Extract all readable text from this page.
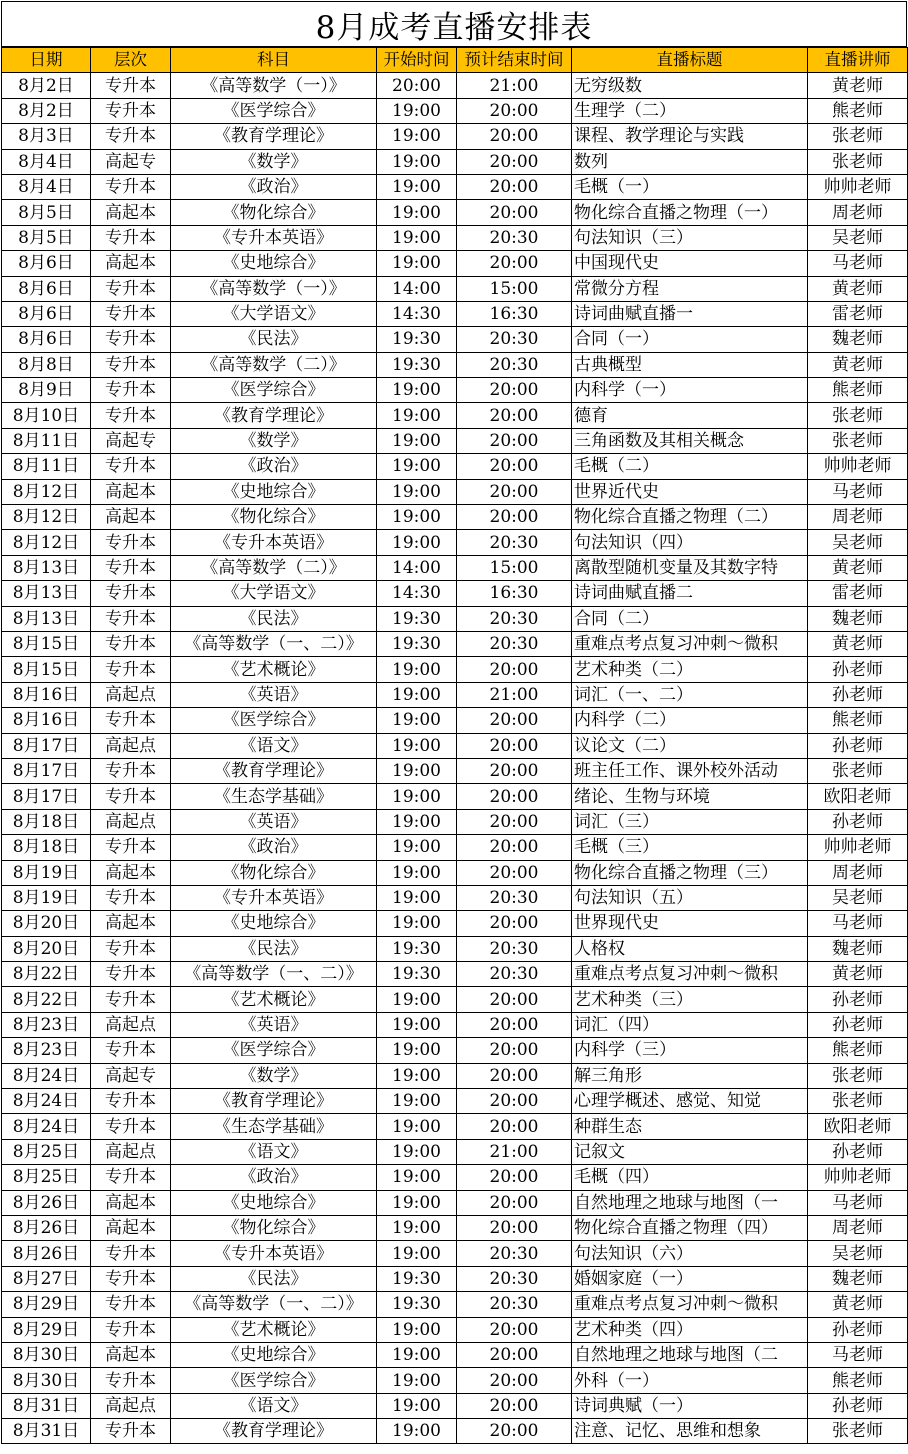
8月成考直播安排表
日期	层次	科目	开始时间	预计结束时间	直播标题	直播讲师
8月2日	专升本	《高等数学（一）》	20:00	21:00	无穷级数	黄老师
8月2日	专升本	《医学综合》	19:00	20:00	生理学（二）	熊老师
8月3日	专升本	《教育学理论》	19:00	20:00	课程、教学理论与实践	张老师
8月4日	高起专	《数学》	19:00	20:00	数列	张老师
8月4日	专升本	《政治》	19:00	20:00	毛概（一）	帅帅老师
8月5日	高起本	《物化综合》	19:00	20:00	物化综合直播之物理（一）	周老师
8月5日	专升本	《专升本英语》	19:00	20:30	句法知识（三）	吴老师
8月6日	高起本	《史地综合》	19:00	20:00	中国现代史	马老师
8月6日	专升本	《高等数学（一）》	14:00	15:00	常微分方程	黄老师
8月6日	专升本	《大学语文》	14:30	16:30	诗词曲赋直播一	雷老师
8月6日	专升本	《民法》	19:30	20:30	合同（一）	魏老师
8月8日	专升本	《高等数学（二）》	19:30	20:30	古典概型	黄老师
8月9日	专升本	《医学综合》	19:00	20:00	内科学（一）	熊老师
8月10日	专升本	《教育学理论》	19:00	20:00	德育	张老师
8月11日	高起专	《数学》	19:00	20:00	三角函数及其相关概念	张老师
8月11日	专升本	《政治》	19:00	20:00	毛概（二）	帅帅老师
8月12日	高起本	《史地综合》	19:00	20:00	世界近代史	马老师
8月12日	高起本	《物化综合》	19:00	20:00	物化综合直播之物理（二）	周老师
8月12日	专升本	《专升本英语》	19:00	20:30	句法知识（四）	吴老师
8月13日	专升本	《高等数学（二）》	14:00	15:00	离散型随机变量及其数字特	黄老师
8月13日	专升本	《大学语文》	14:30	16:30	诗词曲赋直播二	雷老师
8月13日	专升本	《民法》	19:30	20:30	合同（二）	魏老师
8月15日	专升本	《高等数学（一、二）》	19:30	20:30	重难点考点复习冲刺～微积	黄老师
8月15日	专升本	《艺术概论》	19:00	20:00	艺术种类（二）	孙老师
8月16日	高起点	《英语》	19:00	21:00	词汇（一、二）	孙老师
8月16日	专升本	《医学综合》	19:00	20:00	内科学（二）	熊老师
8月17日	高起点	《语文》	19:00	20:00	议论文（二）	孙老师
8月17日	专升本	《教育学理论》	19:00	20:00	班主任工作、课外校外活动	张老师
8月17日	专升本	《生态学基础》	19:00	20:00	绪论、生物与环境	欧阳老师
8月18日	高起点	《英语》	19:00	20:00	词汇（三）	孙老师
8月18日	专升本	《政治》	19:00	20:00	毛概（三）	帅帅老师
8月19日	高起本	《物化综合》	19:00	20:00	物化综合直播之物理（三）	周老师
8月19日	专升本	《专升本英语》	19:00	20:30	句法知识（五）	吴老师
8月20日	高起本	《史地综合》	19:00	20:00	世界现代史	马老师
8月20日	专升本	《民法》	19:30	20:30	人格权	魏老师
8月22日	专升本	《高等数学（一、二）》	19:30	20:30	重难点考点复习冲刺～微积	黄老师
8月22日	专升本	《艺术概论》	19:00	20:00	艺术种类（三）	孙老师
8月23日	高起点	《英语》	19:00	20:00	词汇（四）	孙老师
8月23日	专升本	《医学综合》	19:00	20:00	内科学（三）	熊老师
8月24日	高起专	《数学》	19:00	20:00	解三角形	张老师
8月24日	专升本	《教育学理论》	19:00	20:00	心理学概述、感觉、知觉	张老师
8月24日	专升本	《生态学基础》	19:00	20:00	种群生态	欧阳老师
8月25日	高起点	《语文》	19:00	21:00	记叙文	孙老师
8月25日	专升本	《政治》	19:00	20:00	毛概（四）	帅帅老师
8月26日	高起本	《史地综合》	19:00	20:00	自然地理之地球与地图（一	马老师
8月26日	高起本	《物化综合》	19:00	20:00	物化综合直播之物理（四）	周老师
8月26日	专升本	《专升本英语》	19:00	20:30	句法知识（六）	吴老师
8月27日	专升本	《民法》	19:30	20:30	婚姻家庭（一）	魏老师
8月29日	专升本	《高等数学（一、二）》	19:30	20:30	重难点考点复习冲刺～微积	黄老师
8月29日	专升本	《艺术概论》	19:00	20:00	艺术种类（四）	孙老师
8月30日	高起本	《史地综合》	19:00	20:00	自然地理之地球与地图（二	马老师
8月30日	专升本	《医学综合》	19:00	20:00	外科（一）	熊老师
8月31日	高起点	《语文》	19:00	20:00	诗词典赋（一）	孙老师
8月31日	专升本	《教育学理论》	19:00	20:00	注意、记忆、思维和想象	张老师
